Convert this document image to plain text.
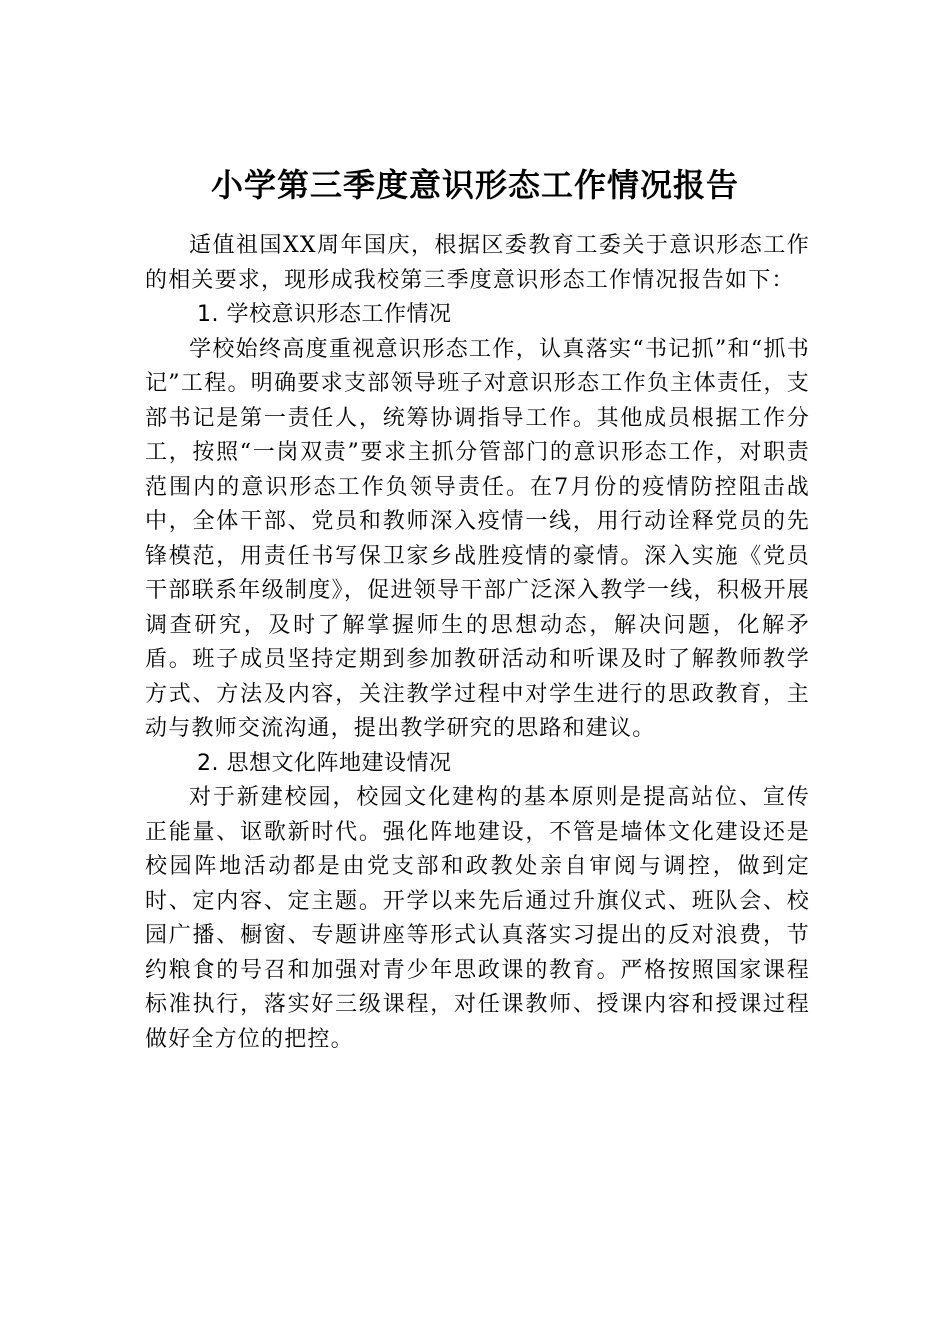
小学第三季度意识形态工作情况报告

适值祖国XX周年国庆，根据区委教育工委关于意识形态工作的相关要求，现形成我校第三季度意识形态工作情况报告如下：

1. 学校意识形态工作情况

学校始终高度重视意识形态工作，认真落实“书记抓”和“抓书记”工程。明确要求支部领导班子对意识形态工作负主体责任，支部书记是第一责任人，统筹协调指导工作。其他成员根据工作分工，按照“一岗双责”要求主抓分管部门的意识形态工作，对职责范围内的意识形态工作负领导责任。在7月份的疫情防控阻击战中，全体干部、党员和教师深入疫情一线，用行动诠释党员的先锋模范，用责任书写保卫家乡战胜疫情的豪情。深入实施《党员干部联系年级制度》，促进领导干部广泛深入教学一线，积极开展调查研究，及时了解掌握师生的思想动态，解决问题，化解矛盾。班子成员坚持定期到参加教研活动和听课及时了解教师教学方式、方法及内容，关注教学过程中对学生进行的思政教育，主动与教师交流沟通，提出教学研究的思路和建议。

2. 思想文化阵地建设情况

对于新建校园，校园文化建构的基本原则是提高站位、宣传正能量、讴歌新时代。强化阵地建设，不管是墙体文化建设还是校园阵地活动都是由党支部和政教处亲自审阅与调控，做到定时、定内容、定主题。开学以来先后通过升旗仪式、班队会、校园广播、橱窗、专题讲座等形式认真落实习提出的反对浪费，节约粮食的号召和加强对青少年思政课的教育。严格按照国家课程标准执行，落实好三级课程，对任课教师、授课内容和授课过程做好全方位的把控。
